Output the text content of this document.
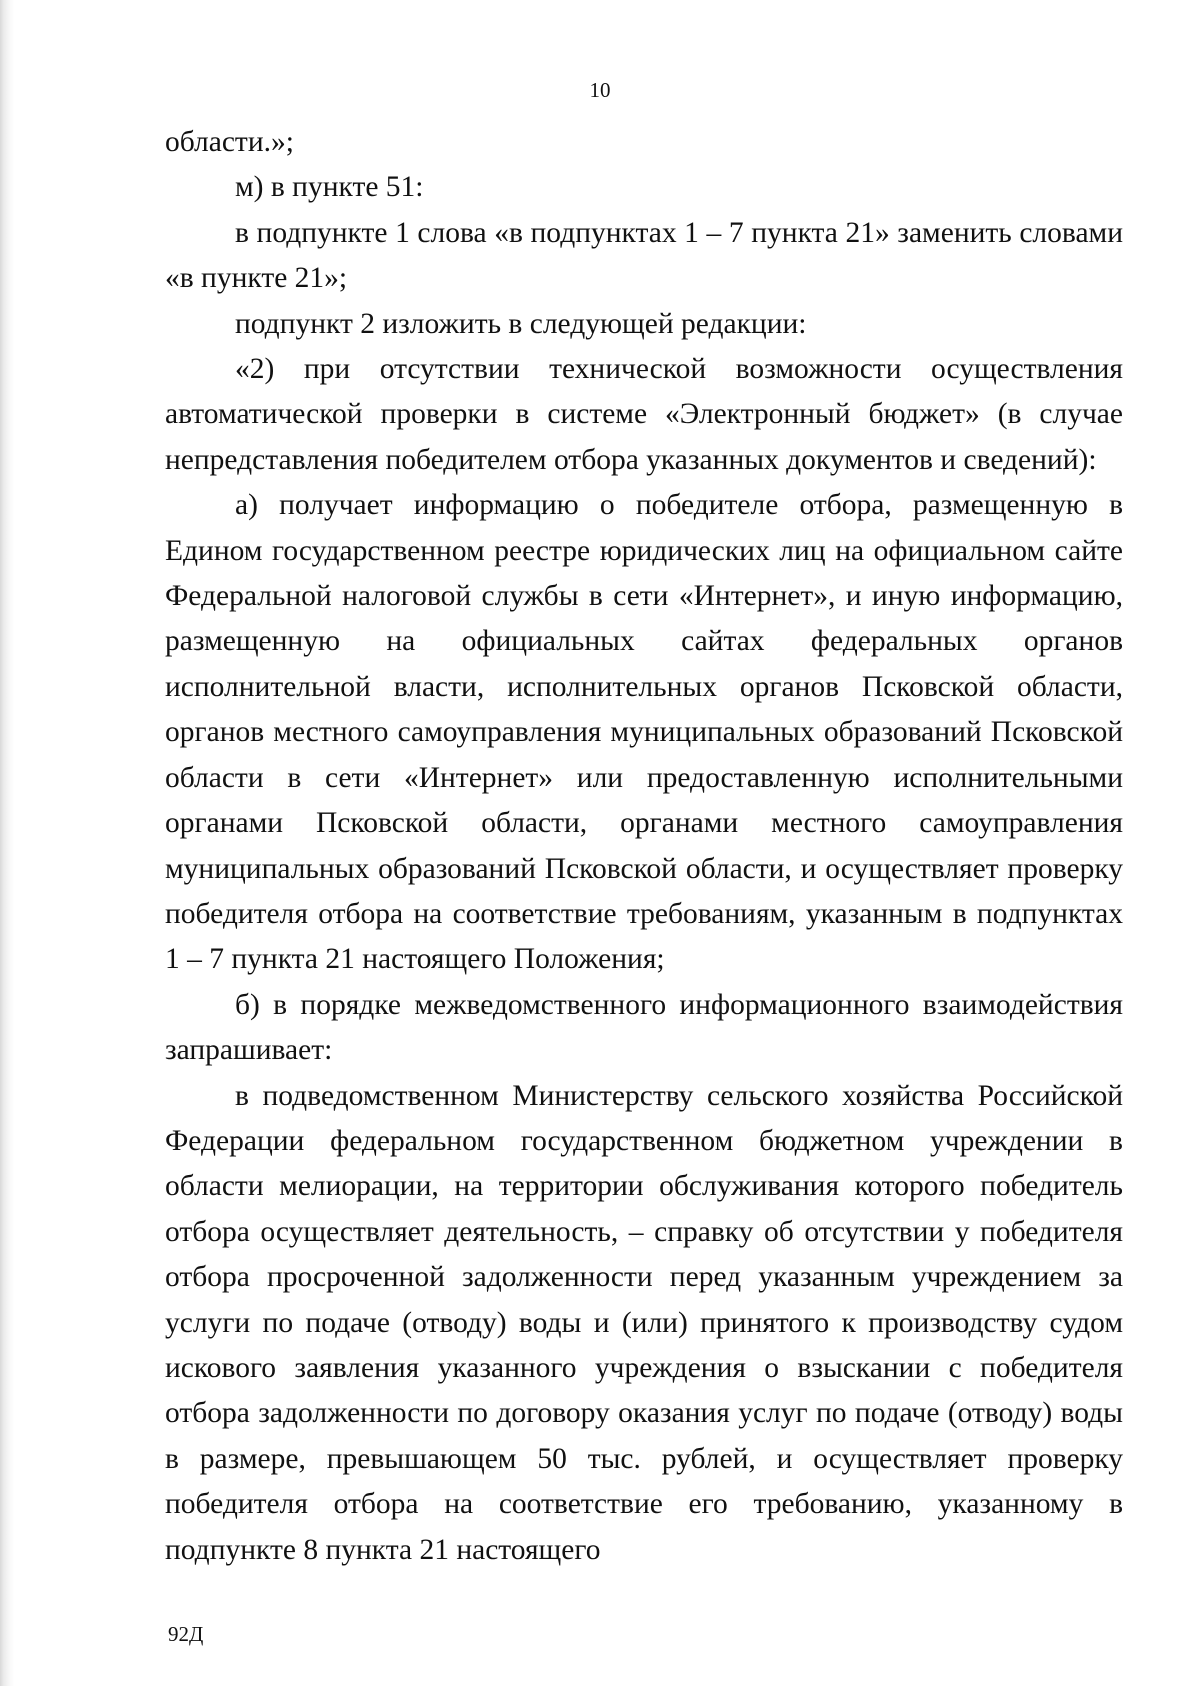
10

области.»;

м) в пункте 51:

в подпункте 1 слова «в подпунктах 1 – 7 пункта 21» заменить словами «в пункте 21»;

подпункт 2 изложить в следующей редакции:

«2) при отсутствии технической возможности осуществления автоматической проверки в системе «Электронный бюджет» (в случае непредставления победителем отбора указанных документов и сведений):

а) получает информацию о победителе отбора, размещенную в Едином государственном реестре юридических лиц на официальном сайте Федеральной налоговой службы в сети «Интернет», и иную информацию, размещенную на официальных сайтах федеральных органов исполнительной власти, исполнительных органов Псковской области, органов местного самоуправления муниципальных образований Псковской области в сети «Интернет» или предоставленную исполнительными органами Псковской области, органами местного самоуправления муниципальных образований Псковской области, и осуществляет проверку победителя отбора на соответствие требованиям, указанным в подпунктах 1 – 7 пункта 21 настоящего Положения;

б) в порядке межведомственного информационного взаимодействия запрашивает:

в подведомственном Министерству сельского хозяйства Российской Федерации федеральном государственном бюджетном учреждении в области мелиорации, на территории обслуживания которого победитель отбора осуществляет деятельность, – справку об отсутствии у победителя отбора просроченной задолженности перед указанным учреждением за услуги по подаче (отводу) воды и (или) принятого к производству судом искового заявления указанного учреждения о взыскании с победителя отбора задолженности по договору оказания услуг по подаче (отводу) воды в размере, превышающем 50 тыс. рублей, и осуществляет проверку победителя отбора на соответствие его требованию, указанному в подпункте 8 пункта 21 настоящего

92Д
